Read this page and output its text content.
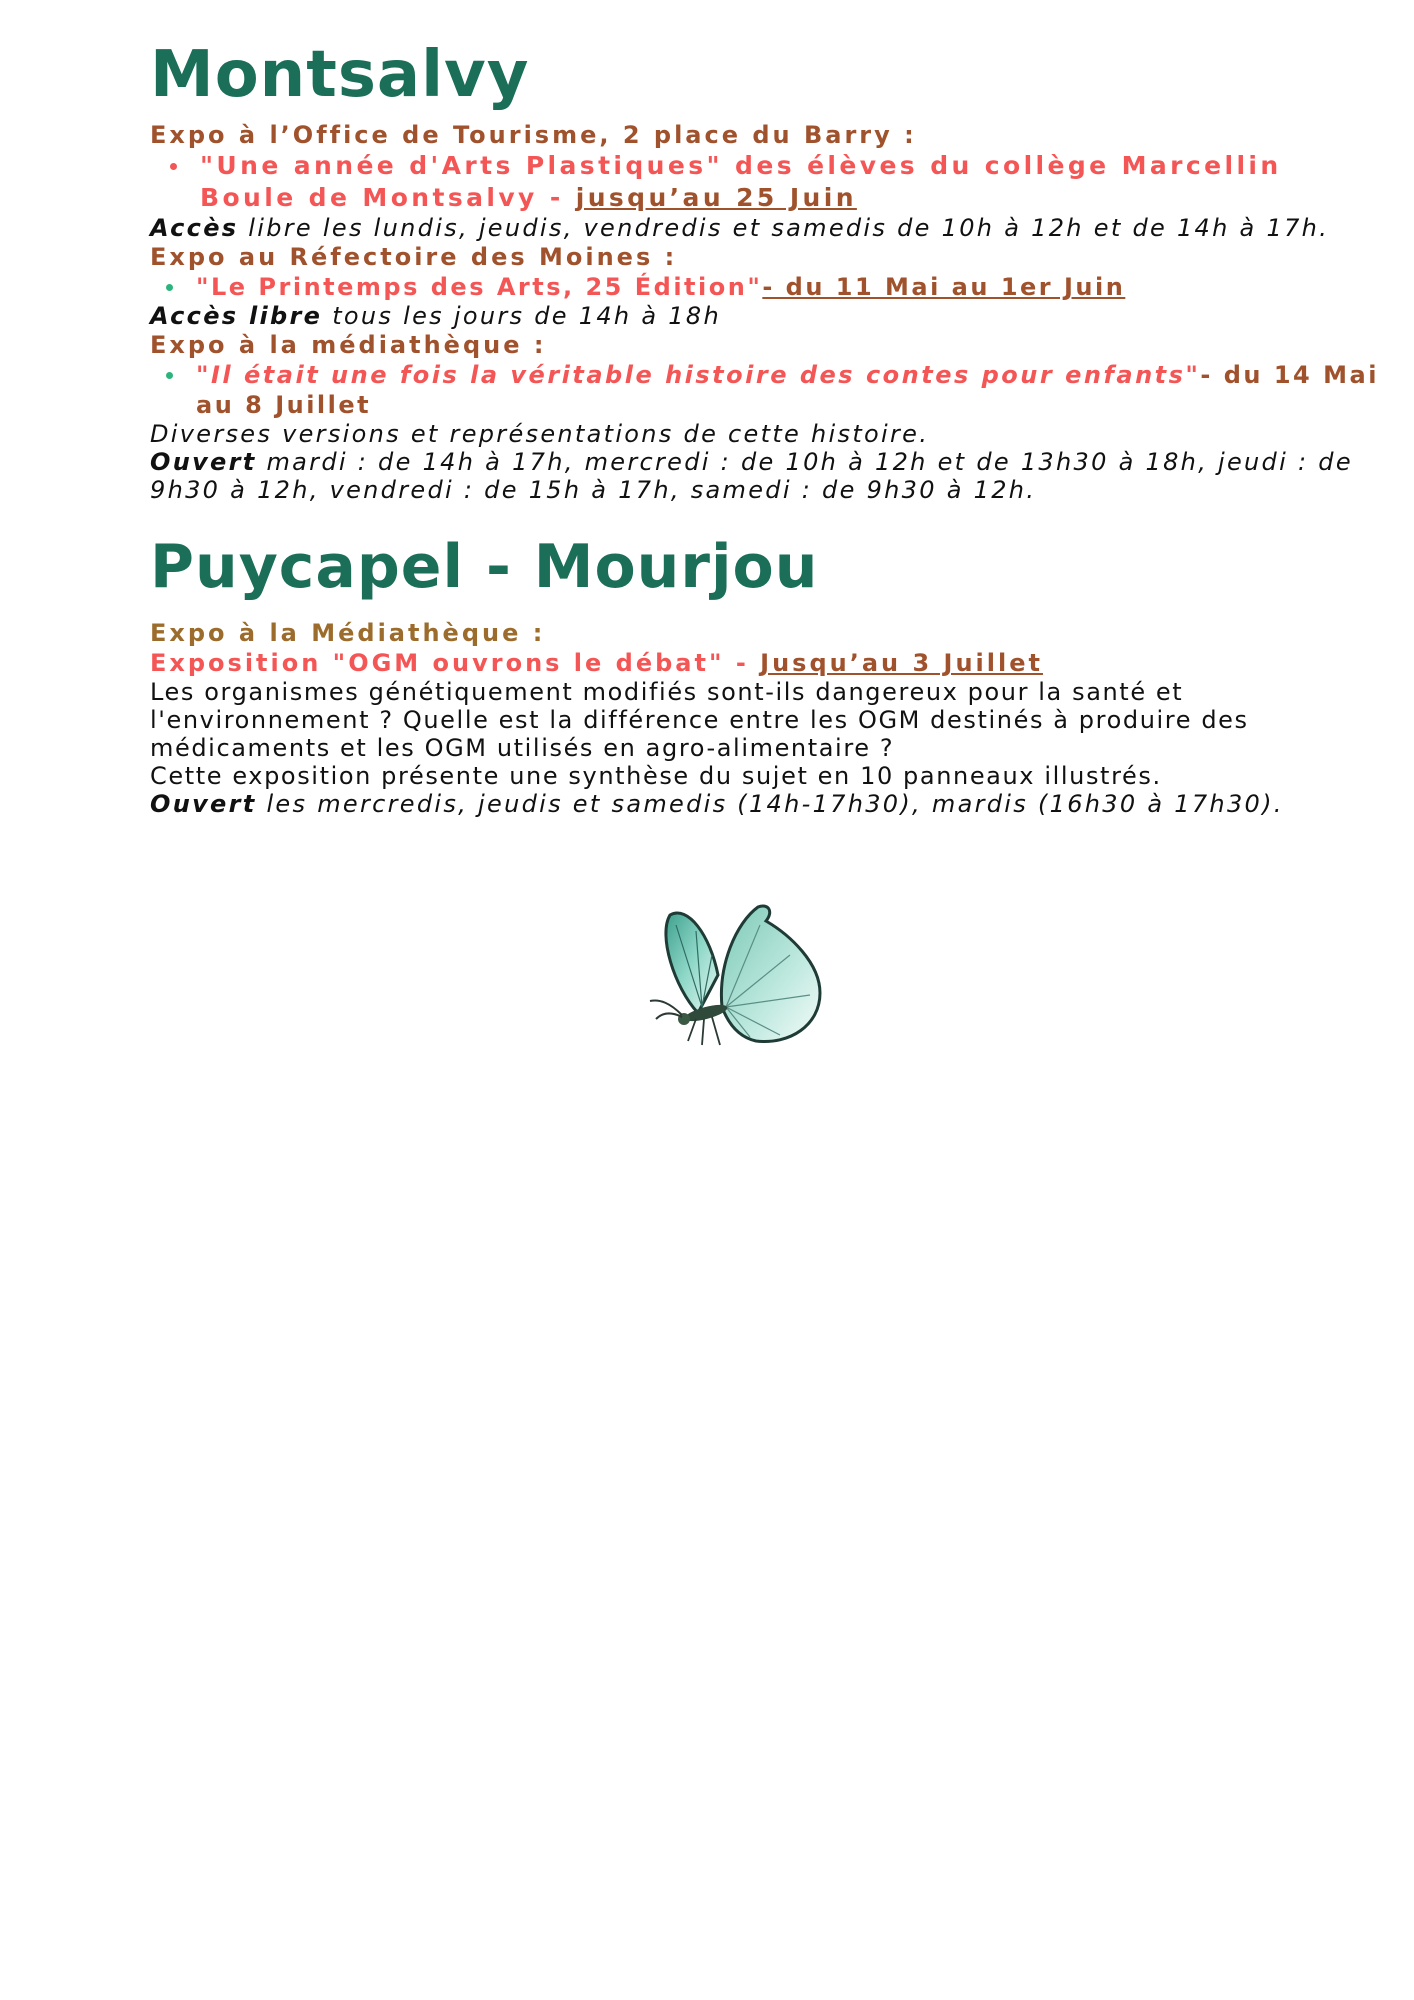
Montsalvy
Expo à l’Office de Tourisme, 2 place du Barry :
"Une année d'Arts Plastiques" des élèves du collège Marcellin Boule de Montsalvy - jusqu’au 25 Juin
Accès libre les lundis, jeudis, vendredis et samedis de 10h à 12h et de 14h à 17h.
Expo au Réfectoire des Moines :
"Le Printemps des Arts, 25 Édition"- du 11 Mai au 1er Juin
Accès libre tous les jours de 14h à 18h
Expo à la médiathèque :
"Il était une fois la véritable histoire des contes pour enfants"- du 14 Mai au 8 Juillet
Diverses versions et représentations de cette histoire.
Ouvert mardi : de 14h à 17h, mercredi : de 10h à 12h et de 13h30 à 18h, jeudi : de 9h30 à 12h, vendredi : de 15h à 17h, samedi : de 9h30 à 12h.
Puycapel - Mourjou
Expo à la Médiathèque :
Exposition "OGM ouvrons le débat" - Jusqu’au 3 Juillet
Les organismes génétiquement modifiés sont-ils dangereux pour la santé et l'environnement ? Quelle est la différence entre les OGM destinés à produire des médicaments et les OGM utilisés en agro-alimentaire ?
Cette exposition présente une synthèse du sujet en 10 panneaux illustrés.
Ouvert les mercredis, jeudis et samedis (14h-17h30), mardis (16h30 à 17h30).
